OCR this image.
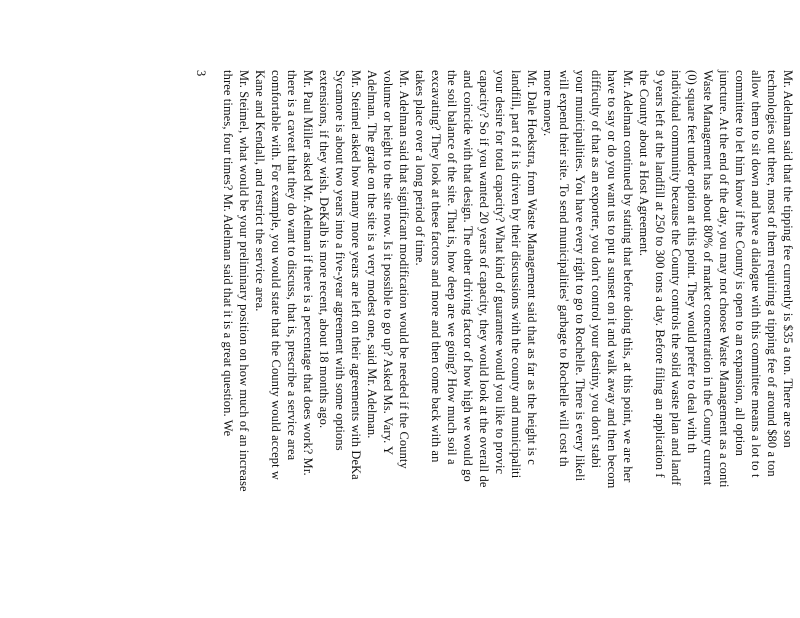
Mr. Adelman said that the tipping fee currently is $35 a ton. There are son
technologies out there, most of them requiring a tipping fee of around $80 a ton
allow them to sit down and have a dialogue with this committee means a lot to t
committee to let him know if the County is open to an expansion, all option
juncture. At the end of the day, you may not choose Waste Management as a conti
Waste Management has about 80% of market concentration in the County current
(0) square feet under option at this point. They would prefer to deal with th
individual community because the County controls the solid waste plan and landf
9 years left at the landfill at 250 to 300 tons a day. Before filing an application f
the County about a Host Agreement.
Mr. Adelman continued by stating that before doing this, at this point, we are her
have to say or do you want us to put a sunset on it and walk away and then becom
difficulty of that as an exporter, you don't control your destiny, you don't stabi
your municipalities. You have every right to go to Rochelle. There is every likeli
will expend their site. To send municipalities' garbage to Rochelle will cost th
more money.
Mr. Dale Hoekstra, from Waste Management said that as far as the height is c
landfill, part of it is driven by their discussions with the county and municipaliti
your desire for total capacity? What kind of guarantee would you like to provic
capacity? So if you wanted 20 years of capacity, they would look at the overall de
and coincide with that design. The other driving factor of how high we would go
the soil balance of the site. That is, how deep are we going? How much soil a
excavating? They look at these factors and more and then come back with an
takes place over a long period of time.
Mr. Adelman said that significant modification would be needed if the County
volume or height to the site now. Is it possible to go up? Asked Ms. Vary. Y
Adelman. The grade on the site is a very modest one, said Mr. Adelman.
Mr. Steimel asked how many more years are left on their agreements with DeKa
Sycamore is about two years into a five-year agreement with some options
extensions, if they wish. DeKalb is more recent, about 18 months ago.
Mr. Paul Miller asked Mr. Adelman if there is a percentage that does work? Mr.
there is a caveat that they do want to discuss, that is, prescribe a service area
comfortable with. For example, you would state that the County would accept w
Kane and Kendall, and restrict the service area.
Mr. Steimel, what would be your preliminary position on how much of an increase
three times, four times? Mr. Adelman said that it is a great question. We
3
